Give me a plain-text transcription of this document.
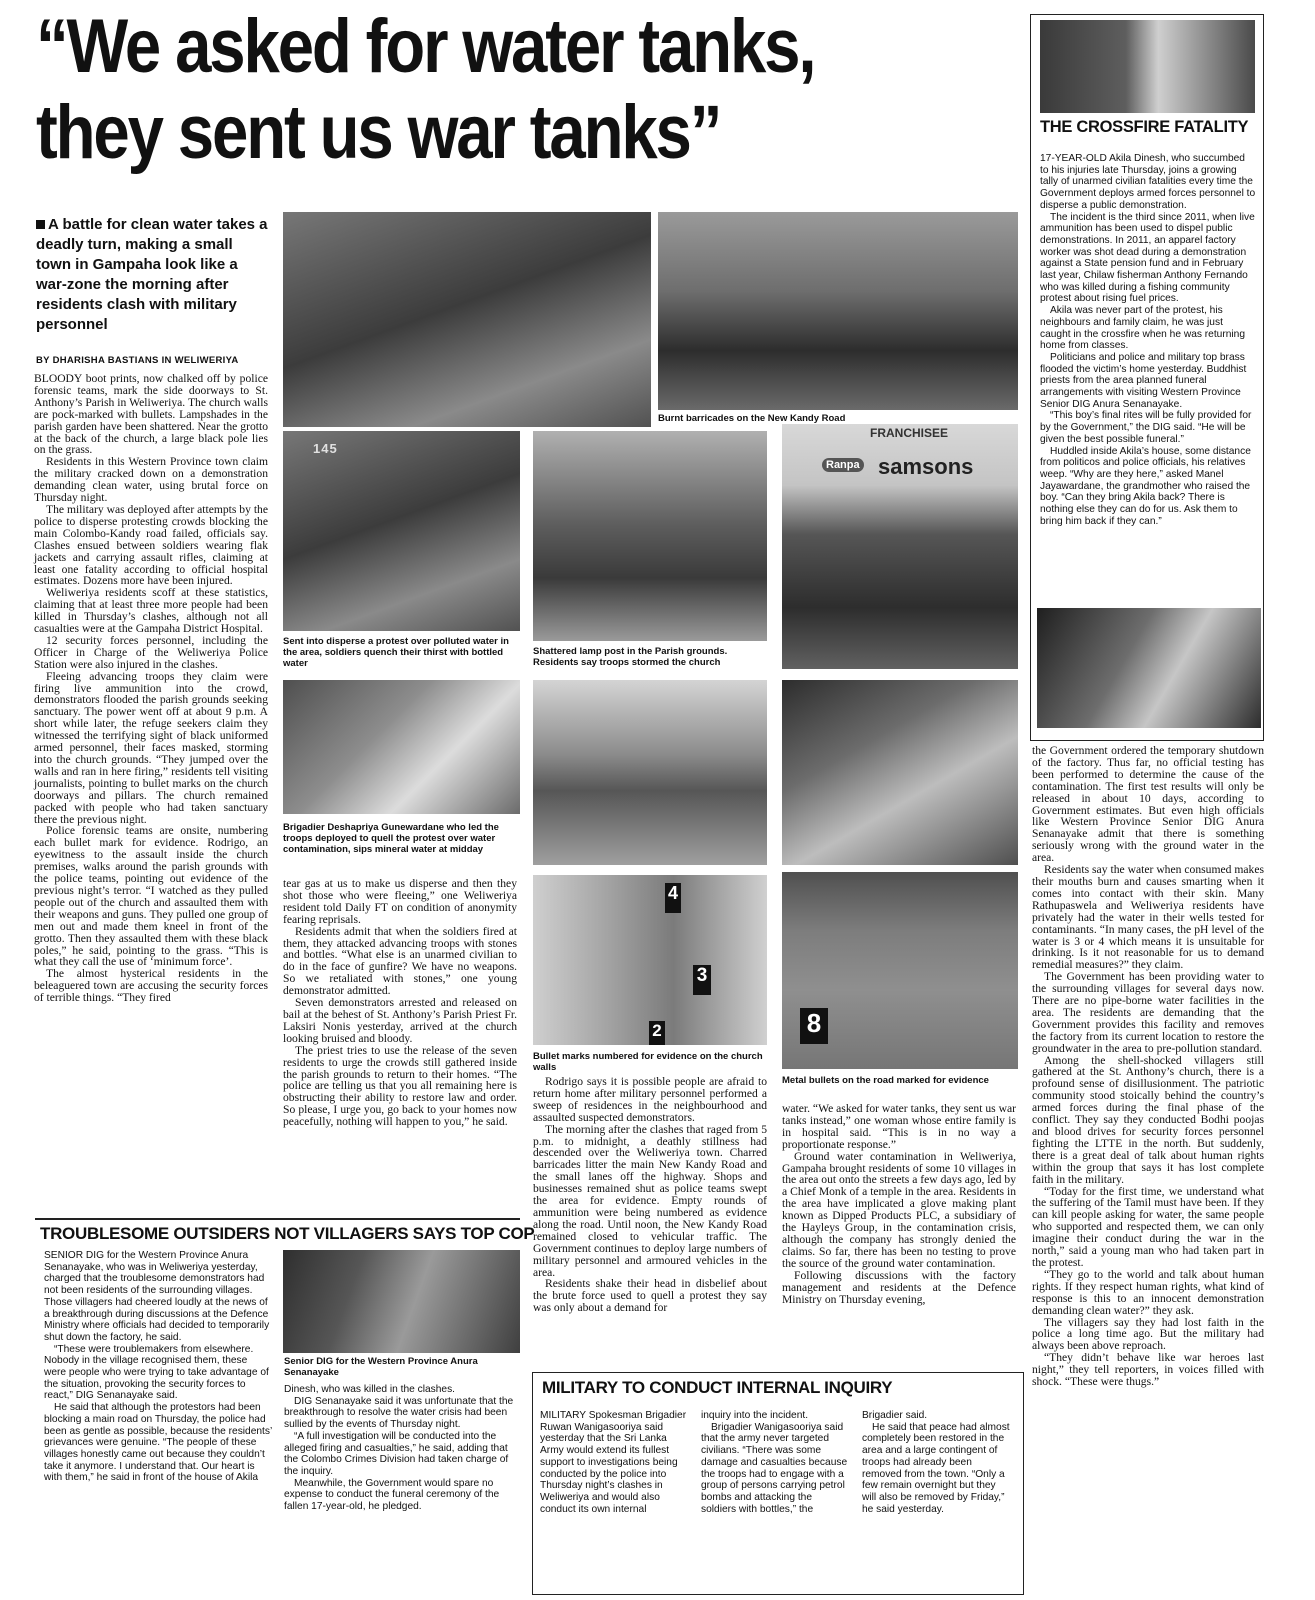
“We asked for water tanks,
they sent us war tanks”
A battle for clean water takes a deadly turn, making a small town in Gampaha look like a war-zone the morning after residents clash with military personnel
BY DHARISHA BASTIANS IN WELIWERIYA

BLOODY boot prints, now chalked off by police forensic teams, mark the side doorways to St. Anthony’s Parish in Weliweriya. The church walls are pock-marked with bullets. Lampshades in the parish garden have been shattered. Near the grotto at the back of the church, a large black pole lies on the grass.

Residents in this Western Province town claim the military cracked down on a demonstration demanding clean water, using brutal force on Thursday night.

The military was deployed after attempts by the police to disperse protesting crowds blocking the main Colombo-Kandy road failed, officials say. Clashes ensued between soldiers wearing flak jackets and carrying assault rifles, claiming at least one fatality according to official hospital estimates. Dozens more have been injured.

Weliweriya residents scoff at these statistics, claiming that at least three more people had been killed in Thursday’s clashes, although not all casualties were at the Gampaha District Hospital.

12 security forces personnel, including the Officer in Charge of the Weliweriya Police Station were also injured in the clashes.

Fleeing advancing troops they claim were firing live ammunition into the crowd, demonstrators flooded the parish grounds seeking sanctuary. The power went off at about 9 p.m. A short while later, the refuge seekers claim they witnessed the terrifying sight of black uniformed armed personnel, their faces masked, storming into the church grounds. “They jumped over the walls and ran in here firing,” residents tell visiting journalists, pointing to bullet marks on the church doorways and pillars. The church remained packed with people who had taken sanctuary there the previous night.

Police forensic teams are onsite, numbering each bullet mark for evidence. Rodrigo, an eyewitness to the assault inside the church premises, walks around the parish grounds with the police teams, pointing out evidence of the previous night’s terror. “I watched as they pulled people out of the church and assaulted them with their weapons and guns. They pulled one group of men out and made them kneel in front of the grotto. Then they assaulted them with these black poles,” he said, pointing to the grass. “This is what they call the use of ‘minimum force’.

The almost hysterical residents in the beleaguered town are accusing the security forces of terrible things. “They fired

tear gas at us to make us disperse and then they shot those who were fleeing,” one Weliweriya resident told Daily FT on condition of anonymity fearing reprisals.

Residents admit that when the soldiers fired at them, they attacked advancing troops with stones and bottles. “What else is an unarmed civilian to do in the face of gunfire? We have no weapons. So we retaliated with stones,” one young demonstrator admitted.

Seven demonstrators arrested and released on bail at the behest of St. Anthony’s Parish Priest Fr. Laksiri Nonis yesterday, arrived at the church looking bruised and bloody.

The priest tries to use the release of the seven residents to urge the crowds still gathered inside the parish grounds to return to their homes. “The police are telling us that you all remaining here is obstructing their ability to restore law and order. So please, I urge you, go back to your homes now peacefully, nothing will happen to you,” he said.

Rodrigo says it is possible people are afraid to return home after military personnel performed a sweep of residences in the neighbourhood and assaulted suspected demonstrators.

The morning after the clashes that raged from 5 p.m. to midnight, a deathly stillness had descended over the Weliweriya town. Charred barricades litter the main New Kandy Road and the small lanes off the highway. Shops and businesses remained shut as police teams swept the area for evidence. Empty rounds of ammunition were being numbered as evidence along the road. Until noon, the New Kandy Road remained closed to vehicular traffic. The Government continues to deploy large numbers of military personnel and armoured vehicles in the area.

Residents shake their head in disbelief about the brute force used to quell a protest they say was only about a demand for

water. “We asked for water tanks, they sent us war tanks instead,” one woman whose entire family is in hospital said. “This is in no way a proportionate response.”

Ground water contamination in Weliweriya, Gampaha brought residents of some 10 villages in the area out onto the streets a few days ago, led by a Chief Monk of a temple in the area. Residents in the area have implicated a glove making plant known as Dipped Products PLC, a subsidiary of the Hayleys Group, in the contamination crisis, although the company has strongly denied the claims. So far, there has been no testing to prove the source of the ground water contamination.

Following discussions with the factory management and residents at the Defence Ministry on Thursday evening,

the Government ordered the temporary shutdown of the factory. Thus far, no official testing has been performed to determine the cause of the contamination. The first test results will only be released in about 10 days, according to Government estimates. But even high officials like Western Province Senior DIG Anura Senanayake admit that there is something seriously wrong with the ground water in the area.

Residents say the water when consumed makes their mouths burn and causes smarting when it comes into contact with their skin. Many Rathupaswela and Weliweriya residents have privately had the water in their wells tested for contaminants. “In many cases, the pH level of the water is 3 or 4 which means it is unsuitable for drinking. Is it not reasonable for us to demand remedial measures?” they claim.

The Government has been providing water to the surrounding villages for several days now. There are no pipe-borne water facilities in the area. The residents are demanding that the Government provides this facility and removes the factory from its current location to restore the groundwater in the area to pre-pollution standard.

Among the shell-shocked villagers still gathered at the St. Anthony’s church, there is a profound sense of disillusionment. The patriotic community stood stoically behind the country’s armed forces during the final phase of the conflict. They say they conducted Bodhi poojas and blood drives for security forces personnel fighting the LTTE in the north. But suddenly, there is a great deal of talk about human rights within the group that says it has lost complete faith in the military.

“Today for the first time, we understand what the suffering of the Tamil must have been. If they can kill people asking for water, the same people who supported and respected them, we can only imagine their conduct during the war in the north,” said a young man who had taken part in the protest.

“They go to the world and talk about human rights. If they respect human rights, what kind of response is this to an innocent demonstration demanding clean water?” they ask.

The villagers say they had lost faith in the police a long time ago. But the military had always been above reproach.

“They didn’t behave like war heroes last night,” they tell reporters, in voices filled with shock. “These were thugs.”

Burnt barricades on the New Kandy Road
145
Sent into disperse a protest over polluted water in the area, soldiers quench their thirst with bottled water
Shattered lamp post in the Parish grounds. Residents say troops stormed the church
FRANCHISEE
Ranpa samsons
Brigadier Deshapriya Gunewardane who led the troops deployed to quell the protest over water contamination, sips mineral water at midday
4
3
2
Bullet marks numbered for evidence on the church walls
8
Metal bullets on the road marked for evidence
THE CROSSFIRE FATALITY

17-YEAR-OLD Akila Dinesh, who succumbed to his injuries late Thursday, joins a growing tally of unarmed civilian fatalities every time the Government deploys armed forces personnel to disperse a public demonstration.

The incident is the third since 2011, when live ammunition has been used to dispel public demonstrations. In 2011, an apparel factory worker was shot dead during a demonstration against a State pension fund and in February last year, Chilaw fisherman Anthony Fernando who was killed during a fishing community protest about rising fuel prices.

Akila was never part of the protest, his neighbours and family claim, he was just caught in the crossfire when he was returning home from classes.

Politicians and police and military top brass flooded the victim’s home yesterday. Buddhist priests from the area planned funeral arrangements with visiting Western Province Senior DIG Anura Senanayake.

“This boy’s final rites will be fully provided for by the Government,” the DIG said. “He will be given the best possible funeral.”

Huddled inside Akila’s house, some distance from politicos and police officials, his relatives weep. “Why are they here,” asked Manel Jayawardane, the grandmother who raised the boy. “Can they bring Akila back? There is nothing else they can do for us. Ask them to bring him back if they can.”

TROUBLESOME OUTSIDERS NOT VILLAGERS SAYS TOP COP

SENIOR DIG for the Western Province Anura Senanayake, who was in Weliweriya yesterday, charged that the troublesome demonstrators had not been residents of the surrounding villages. Those villagers had cheered loudly at the news of a breakthrough during discussions at the Defence Ministry where officials had decided to temporarily shut down the factory, he said.

“These were troublemakers from elsewhere. Nobody in the village recognised them, these were people who were trying to take advantage of the situation, provoking the security forces to react,” DIG Senanayake said.

He said that although the protestors had been blocking a main road on Thursday, the police had been as gentle as possible, because the residents’ grievances were genuine. “The people of these villages honestly came out because they couldn’t take it anymore. I understand that. Our heart is with them,” he said in front of the house of Akila

Senior DIG for the Western Province Anura Senanayake

Dinesh, who was killed in the clashes.

DIG Senanayake said it was unfortunate that the breakthrough to resolve the water crisis had been sullied by the events of Thursday night.

“A full investigation will be conducted into the alleged firing and casualties,” he said, adding that the Colombo Crimes Division had taken charge of the inquiry.

Meanwhile, the Government would spare no expense to conduct the funeral ceremony of the fallen 17-year-old, he pledged.

MILITARY TO CONDUCT INTERNAL INQUIRY

MILITARY Spokesman Brigadier Ruwan Wanigasooriya said yesterday that the Sri Lanka Army would extend its fullest support to investigations being conducted by the police into Thursday night’s clashes in Weliweriya and would also conduct its own internal

inquiry into the incident.

Brigadier Wanigasooriya said that the army never targeted civilians. “There was some damage and casualties because the troops had to engage with a group of persons carrying petrol bombs and attacking the soldiers with bottles,” the

Brigadier said.

He said that peace had almost completely been restored in the area and a large contingent of troops had already been removed from the town. “Only a few remain overnight but they will also be removed by Friday,” he said yesterday.
